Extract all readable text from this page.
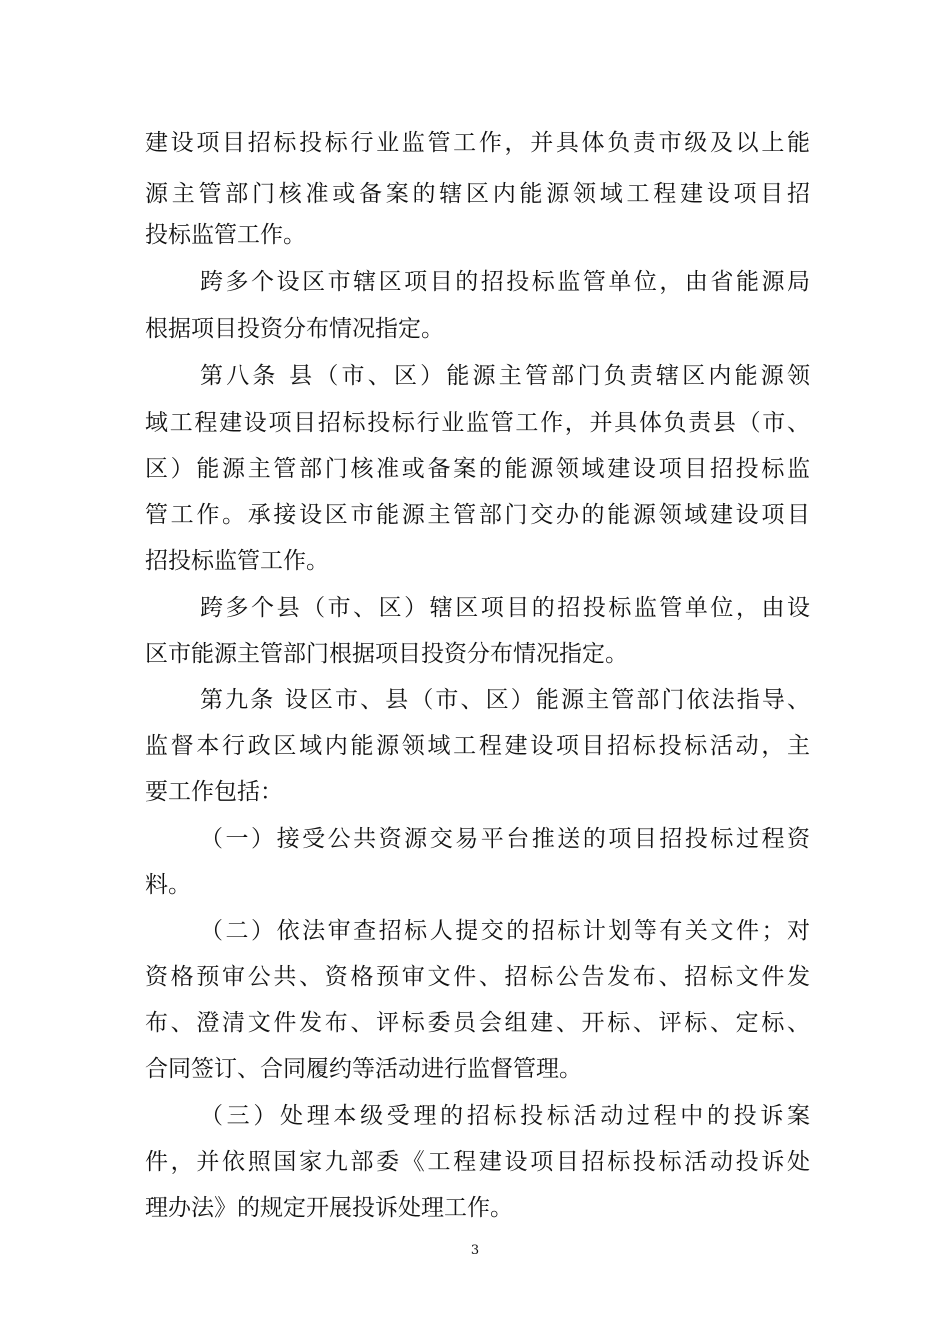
建设项目招标投标行业监管工作，并具体负责市级及以上能
源主管部门核准或备案的辖区内能源领域工程建设项目招
投标监管工作。
跨多个设区市辖区项目的招投标监管单位，由省能源局
根据项目投资分布情况指定。
第八条 县（市、区）能源主管部门负责辖区内能源领
域工程建设项目招标投标行业监管工作，并具体负责县（市、
区）能源主管部门核准或备案的能源领域建设项目招投标监
管工作。承接设区市能源主管部门交办的能源领域建设项目
招投标监管工作。
跨多个县（市、区）辖区项目的招投标监管单位，由设
区市能源主管部门根据项目投资分布情况指定。
第九条 设区市、县（市、区）能源主管部门依法指导、
监督本行政区域内能源领域工程建设项目招标投标活动，主
要工作包括：
（一）接受公共资源交易平台推送的项目招投标过程资
料。
（二）依法审查招标人提交的招标计划等有关文件；对
资格预审公共、资格预审文件、招标公告发布、招标文件发
布、澄清文件发布、评标委员会组建、开标、评标、定标、
合同签订、合同履约等活动进行监督管理。
（三）处理本级受理的招标投标活动过程中的投诉案
件，并依照国家九部委《工程建设项目招标投标活动投诉处
理办法》的规定开展投诉处理工作。
3
